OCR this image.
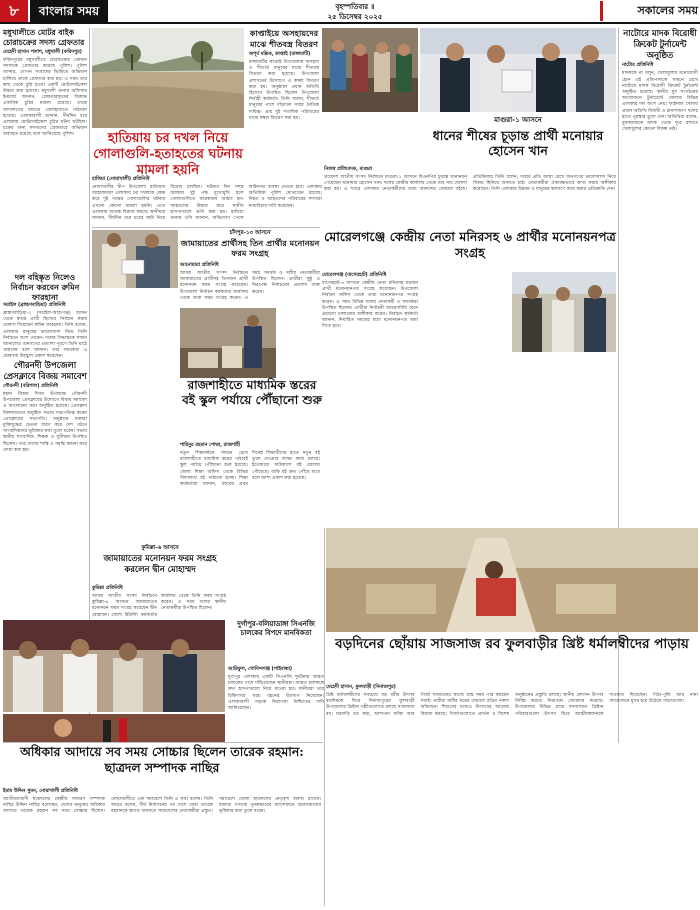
৮	বাংলার সময়	বৃহস্পতিবার ॥
২৫ ডিসেম্বর ২০২৫	সকালের সময়
মধুখালীতে মোটর বাইক চোরাচক্রের সদস্য গ্রেফতার

মেহেদী হাসান পলাশ, মধুখালী (ফরিদপুর)

ফরিদপুরের মধুখালীতে চোরাচক্রের একজন সদস্যকে গ্রেফতার করেছে পুলিশ। পুলিশ জানায়, গোপন সংবাদের ভিত্তিতে অভিযান চালিয়ে তাকে গ্রেফতার করা হয়। এ সময় তার কাছ থেকে চুরি হওয়া একটি মোটরসাইকেল উদ্ধার করা হয়েছে। মধুখালী থানার অফিসার ইনচার্জ জানান, গ্রেফতারকৃতের বিরুদ্ধে একাধিক চুরির মামলা রয়েছে। তাকে আদালতের মাধ্যমে জেলহাজতে পাঠানো হয়েছে। এলাকাবাসী জানান, দীর্ঘদিন ধরে এলাকায় মোটরসাইকেল চুরির ঘটনা ঘটছিল। চক্রের অন্য সদস্যদের গ্রেফতারে অভিযান অব্যাহত রয়েছে বলে জানিয়েছে পুলিশ।
দল বহিষ্কৃত নিলেও নির্বাচন করবেন রুমিন ফারহানা

সরাইল (ব্রাহ্মণবাড়িয়া) প্রতিনিধি

ব্রাহ্মণবাড়িয়া-২ (সরাইল-আশুগঞ্জ) আসন থেকে স্বতন্ত্র প্রার্থী হিসেবে নির্বাচন করার ঘোষণা দিয়েছেন রুমিন ফারহানা। তিনি বলেন, এলাকার মানুষের ভালোবাসা নিয়ে তিনি নির্বাচনে অংশ নেবেন। দলের সিদ্ধান্তকে সম্মান জানালেও জনগণের প্রত্যাশা পূরণে তিনি মাঠে থাকবেন বলে জানান। তার সমর্থকরা এ ঘোষণায় উচ্ছ্বাস প্রকাশ করেছেন।
গৌরনদী উপজেলা প্রেসক্লাবে বিজয় সমাবেশ

গৌরনদী (বরিশাল) প্রতিনিধি

মহান বিজয় দিবস উপলক্ষে গৌরনদী উপজেলা প্রেসক্লাবের উদ্যোগে বিজয় সমাবেশ ও আলোচনা সভা অনুষ্ঠিত হয়েছে। প্রেসক্লাব মিলনায়তনে অনুষ্ঠিত সভায় সভাপতিত্ব করেন প্রেসক্লাবের সভাপতি। অনুষ্ঠানে বক্তারা মুক্তিযুদ্ধের চেতনা ধারণ করে দেশ গঠনে সাংবাদিকদের ভূমিকার কথা তুলে ধরেন। সভায় স্থানীয় সাংবাদিক, শিক্ষক ও সুধীজন উপস্থিত ছিলেন। পরে দেশের শান্তি ও সমৃদ্ধি কামনা করে দোয়া করা হয়।
কাপ্তাইয়ে অসহায়দের মাঝে শীতবস্ত্র বিতরণ

অপূর্ব মল্লিক, কাপ্তাই (রাঙ্গামাটি)

রাঙ্গামাটির কাপ্তাই উপজেলায় অসহায় ও শীতার্ত মানুষের মাঝে শীতবস্ত্র বিতরণ করা হয়েছে। উপজেলা প্রশাসনের উদ্যোগে এ কম্বল বিতরণ করা হয়। অনুষ্ঠানে প্রধান অতিথি হিসেবে উপস্থিত ছিলেন উপজেলা নির্বাহী কর্মকর্তা। তিনি বলেন, শীতার্ত মানুষের পাশে দাঁড়ানো সবার নৈতিক দায়িত্ব। প্রায় দুই শতাধিক পরিবারের মাঝে কম্বল বিতরণ করা হয়।
হাতিয়ায় চর দখল নিয়ে গোলাগুলি-হতাহতের ঘটনায় মামলা হয়নি

হাতিয়া (নোয়াখালী) প্রতিনিধি

নোয়াখালীর দ্বীপ উপজেলা হাতিয়ায় জাহাজমারা এলাকায় চর দখলকে কেন্দ্র করে দুই পক্ষের গোলাগুলির ঘটনায় এখনো কোনো মামলা হয়নি। এতে এলাকায় আতঙ্ক বিরাজ করছে। স্থানীয়রা জানান, দীর্ঘদিন ধরে চরের জমি নিয়ে বিরোধ চলছিল। ঘটনার দিন সশস্ত্র অবস্থায় দুই পক্ষ মুখোমুখি হলে গোলাগুলিতে কয়েকজন আহত হন। আহতদের উদ্ধার করে স্থানীয় হাসপাতালে ভর্তি করা হয়। হাতিয়া থানার ওসি জানান, অভিযোগ পেলে আইনগত ব্যবস্থা নেওয়া হবে। এলাকায় অতিরিক্ত পুলিশ মোতায়েন রয়েছে। নিহত ও আহতদের পরিবারের সদস্যরা ন্যায়বিচার দাবি করেছেন।
নাটোরে মাদক বিরোধী ক্রিকেট টুর্নামেন্ট অনুষ্ঠিত

নাটোর প্রতিনিধি

মাদককে না বলুন, খেলাধুলায় মনোযোগী হোন এই প্রতিপাদ্যকে সামনে রেখে নাটোরে মাদক বিরোধী ক্রিকেট টুর্নামেন্ট অনুষ্ঠিত হয়েছে। স্থানীয় যুব সংগঠনের আয়োজনে টুর্নামেন্টে জেলার বিভিন্ন এলাকার দল অংশ নেয়। ফাইনাল খেলায় প্রধান অতিথি বিজয়ী ও রানার্সআপ দলের হাতে পুরস্কার তুলে দেন। অতিথিরা বলেন, যুবসমাজকে মাদক থেকে দূরে রাখতে খেলাধুলার কোনো বিকল্প নেই।
মাগুরা-১ আসনে
ধানের শীষের চূড়ান্ত প্রার্থী মনোয়ার হোসেন খান

নিজস্ব প্রতিবেদক, মাগুরা

ত্রয়োদশ জাতীয় সংসদ নির্বাচনে মাগুরা-১ আসনে বিএনপির চূড়ান্ত মনোনয়ন পেয়েছেন মনোয়ার হোসেন খান। দলের কেন্দ্রীয় কার্যালয় থেকে তার নাম ঘোষণা করা হয়। এ খবরে এলাকায় নেতাকর্মীদের মধ্যে আনন্দের জোয়ার বইছে। প্রতিক্রিয়ায় তিনি বলেন, দলের প্রতি আস্থা রেখে জনগণের ভালোবাসা নিয়ে বিজয় ছিনিয়ে আনতে চাই। নেতাকর্মীরা ঐক্যবদ্ধভাবে কাজ করার অঙ্গীকার করেছেন। তিনি এলাকার উন্নয়ন ও মানুষের কল্যাণে কাজ করার প্রতিশ্রুতি দেন।
চাঁদপুর-১৩ আসনে
জামায়াতের প্রার্থীসহ তিন প্রার্থীর মনোনয়ন ফরম সংগ্রহ

আনোয়ারা প্রতিনিধি

আসন্ন জাতীয় সংসদ নির্বাচনে জামায়াতের প্রার্থীসহ তিনজন প্রার্থী মনোনয়ন ফরম সংগ্রহ করেছেন। উপজেলা নির্বাচন কর্মকর্তার কার্যালয় থেকে তারা ফরম সংগ্রহ করেন। এ সময় সমর্থক ও দলীয় নেতাকর্মীরা উপস্থিত ছিলেন। প্রার্থীরা সুষ্ঠু ও নিরপেক্ষ নির্বাচনের প্রত্যাশা ব্যক্ত করেন।
মোরেলগঞ্জে কেন্দ্রীয় নেতা মনিরসহ ৬ প্রার্থীর মনোনয়নপত্র সংগ্রহ
রাজশাহীতে মাধ্যমিক স্তরের বই স্কুল পর্যায়ে পৌঁছানো শুরু

শাহিনুর রহমান শোভা, রাজশাহী

নতুন শিক্ষাবর্ষকে সামনে রেখে রাজশাহীতে মাধ্যমিক স্তরের পাঠ্যবই স্কুল পর্যায়ে পৌঁছানো শুরু হয়েছে। জেলা শিক্ষা অফিস থেকে বিভিন্ন বিদ্যালয়ে বই পাঠানো হচ্ছে। শিক্ষা কর্মকর্তারা জানান, বছরের প্রথম দিনেই শিক্ষার্থীদের হাতে নতুন বই তুলে দেওয়ার লক্ষ্যে কাজ চলছে। ইতোমধ্যে অধিকাংশ বই জেলায় পৌঁছেছে। বাকি বই দ্রুত পৌঁছে যাবে বলে আশা প্রকাশ করা হয়েছে।

মোরেলগঞ্জ (বাগেরহাট) প্রতিনিধি

বাগেরহাট-৪ আসনে কেন্দ্রীয় নেতা মনিরসহ ছয়জন প্রার্থী মনোনয়নপত্র সংগ্রহ করেছেন। উপজেলা নির্বাচন অফিস থেকে তারা মনোনয়নপত্র সংগ্রহ করেন। এ সময় বিভিন্ন দলের নেতাকর্মী ও সমর্থকরা উপস্থিত ছিলেন। প্রার্থীরা নির্বাচনী আচরণবিধি মেনে প্রচারণা চালানোর অঙ্গীকার করেন। নির্বাচন কর্মকর্তা জানান, নির্ধারিত সময়ের মধ্যে মনোনয়নপত্র জমা দিতে হবে।
কুমিল্লা-৬ আসনে
জামায়াতের মনোনয়ন ফরম সংগ্রহ করলেন দ্বীন মোহাম্মদ

কুমিল্লা প্রতিনিধি

আসন্ন জাতীয় সংসদ নির্বাচনে কুমিল্লা-৬ আসনে জামায়াতের মনোনয়ন ফরম সংগ্রহ করেছেন দ্বীন মোহাম্মদ। জেলা রিটার্নিং কর্মকর্তার কার্যালয় থেকে তিনি ফরম সংগ্রহ করেন। এ সময় দলের স্থানীয় নেতাকর্মীরা উপস্থিত ছিলেন।
দুর্গাপুর-বলিয়াডাঙ্গা সিএনজি চালকের বিপদে মানবিকতা

আরিফুল, গোবিন্দগঞ্জ (গাইবান্ধা)

দুর্গাপুর এলাকায় একটি সিএনজি দুর্ঘটনায় আহত চালকের পাশে দাঁড়িয়েছেন স্থানীয়রা। আহত চালককে দ্রুত হাসপাতালে নিয়ে যাওয়া হয়। স্থানীয়রা তার চিকিৎসার খরচ বহনের উদ্যোগ নিয়েছেন। এলাকাবাসী সড়কে নিরাপত্তা নিশ্চিতের দাবি জানিয়েছেন।
বড়দিনের ছোঁয়ায় সাজসাজ রব ফুলবাড়ীর খ্রিষ্ট ধর্মালম্বীদের পাড়ায়
অধিকার আদায়ে সব সময় সোচ্চার ছিলেন তারেক রহমান: ছাত্রদল সম্পাদক নাছির

ইমাম উদ্দিন সুমন, নোয়াখালী প্রতিনিধি

জাতীয়তাবাদী ছাত্রদলের কেন্দ্রীয় সাধারণ সম্পাদক নাছির উদ্দিন নাছির বলেছেন, দেশের মানুষের অধিকার আদায়ে তারেক রহমান সব সময় সোচ্চার ছিলেন। নোয়াখালীতে এক সমাবেশে তিনি এ কথা বলেন। তিনি আরও বলেন, দীর্ঘ নির্বাসনের পর দেশে ফেরা তারেক রহমানকে স্বাগত জানাতে সারাদেশের নেতাকর্মীরা প্রস্তুত। সমাবেশে জেলা ছাত্রদলের নেতৃবৃন্দ বক্তব্য রাখেন। বক্তারা গণতন্ত্র পুনরুদ্ধারের আন্দোলনে ছাত্রসমাজের ভূমিকার কথা তুলে ধরেন।

মেহেদী হাসান, ফুলবাড়ী (দিনাজপুর)

খ্রিষ্ট ধর্মাবলম্বীদের সবচেয়ে বড় ধর্মীয় উৎসব বড়দিনকে ঘিরে দিনাজপুরের ফুলবাড়ী উপজেলার খ্রিষ্টান পল্লীগুলোতে চলছে সাজসাজ রব। ঘরবাড়ি রঙ করা, আলপনা আঁকা আর গির্জা সাজানোর কাজে ব্যস্ত সময় পার করছেন সবাই। নারীরা মাটির ঘরের দেয়ালে রঙিন নকশা আঁকছেন। শিশুদের মধ্যেও উৎসবের আমেজ বিরাজ করছে। গির্জাগুলোতে প্রার্থনা ও বিশেষ অনুষ্ঠানের প্রস্তুতি চলছে। স্থানীয় প্রশাসন উৎসব নির্বিঘ্ন করতে নিরাপত্তা জোরদার করেছে। উপজেলার বিভিন্ন গ্রামে বসবাসরত খ্রিষ্টান পরিবারগুলো উৎসব ঘিরে আত্মীয়স্বজনকে দাওয়াত দিয়েছেন। পিঠা-পুলি আর নানা আয়োজনে মুখর হয়ে উঠেছে পাড়াগুলো।
